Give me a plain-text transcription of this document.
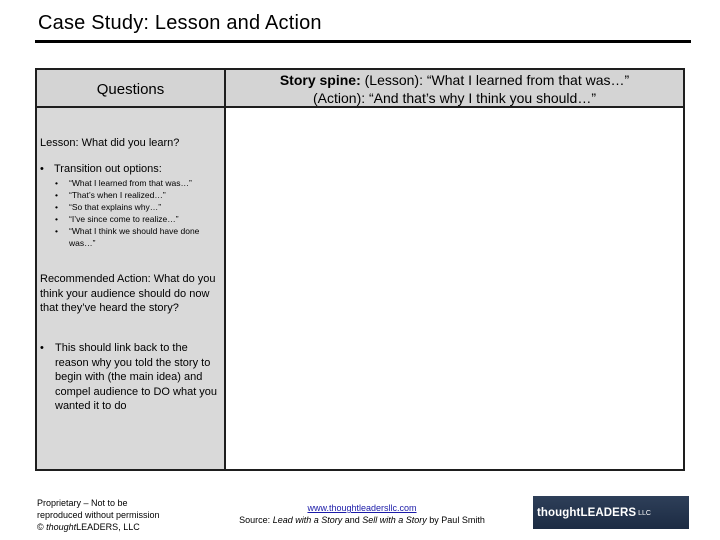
Case Study: Lesson and Action
Questions
Story spine: (Lesson): “What I learned from that was…”
(Action): “And that’s why I think you should…”
Lesson: What did you learn?
• Transition out options:
• “What I learned from that was…”
• “That’s when I realized…”
• “So that explains why…”
• “I’ve since come to realize…”
• “What I think we should have done was…”
Recommended Action: What do you think your audience should do now that they’ve heard the story?
•	This should link back to the reason why you told the story to begin with (the main idea) and compel audience to DO what you wanted it to do
Proprietary – Not to be
reproduced without permission
© thoughtLEADERS, LLC
www.thoughtleadersllc.com
Source: Lead with a Story and Sell with a Story by Paul Smith
thoughtLEADERS LLC
